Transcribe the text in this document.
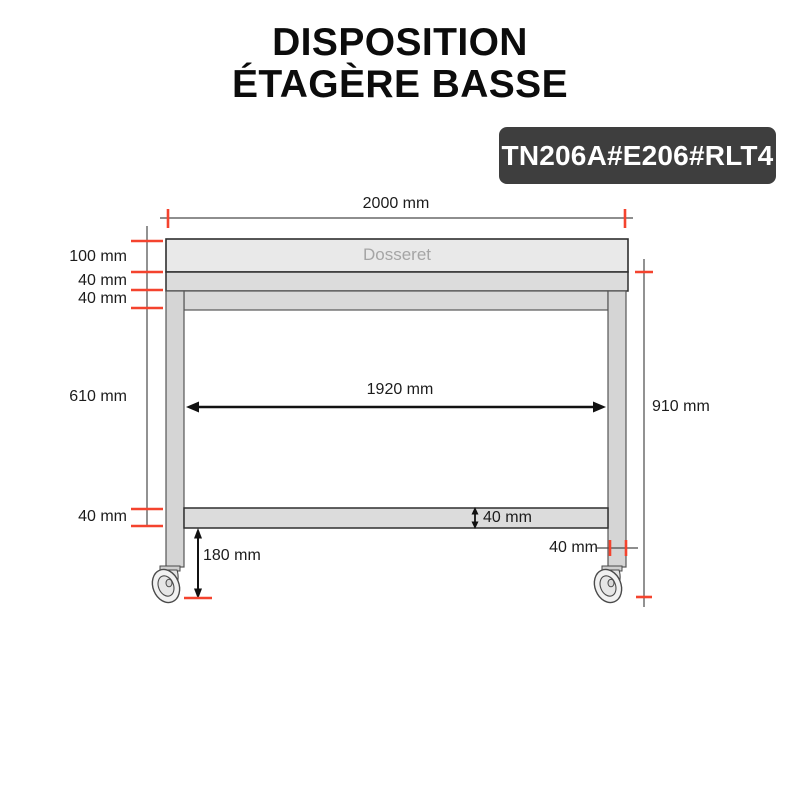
DISPOSITION
ÉTAGÈRE BASSE
TN206A#E206#RLT4
2000 mm
Dosseret
100 mm
40 mm
40 mm
610 mm
40 mm
1920 mm
910 mm
40 mm
180 mm	40 mm
